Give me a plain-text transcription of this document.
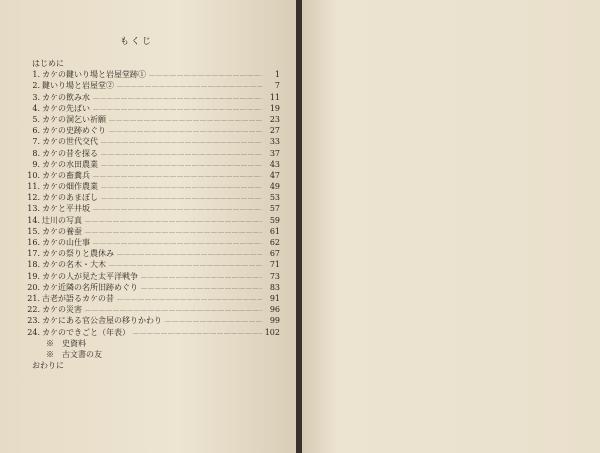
もくじ
はじめに
1. カケの鍵いり場と岩屋堂跡① …………………………………………………………………………………	1
2. 鍵いり場と岩屋堂② …………………………………………………………………………………	7
3. カケの飲み水 …………………………………………………………………………………	11
4. カケの先ぱい …………………………………………………………………………………	19
5. カケの洞乞い祈願 …………………………………………………………………………………	23
6. カケの史跡めぐり …………………………………………………………………………………	27
7. カケの世代交代 …………………………………………………………………………………	33
8. カケの昔を探る …………………………………………………………………………………	37
9. カケの水田農業 …………………………………………………………………………………	43
10. カケの畜糞兵 …………………………………………………………………………………	47
11. カケの畑作農業 …………………………………………………………………………………	49
12. カケのあまぼし …………………………………………………………………………………	53
13. カケと平井坂 …………………………………………………………………………………	57
14. 辻川の写真 …………………………………………………………………………………	59
15. カケの養蚕 …………………………………………………………………………………	61
16. カケの山仕事 …………………………………………………………………………………	62
17. カケの祭りと農休み …………………………………………………………………………………	67
18. カケの名木・大木 …………………………………………………………………………………	71
19. カケの人が見た太平洋戦争 …………………………………………………………………………………	73
20. カケ近隣の名所旧跡めぐり …………………………………………………………………………………	83
21. 古老が語るカケの昔 …………………………………………………………………………………	91
22. カケの災害 …………………………………………………………………………………	96
23. カケにある官公舎屋の移りかわり …………………………………………………………………………………	99
24. カケのできごと（年表） …………………………………………………………………………………	102
※　史資料
※　古文書の友
おわりに
